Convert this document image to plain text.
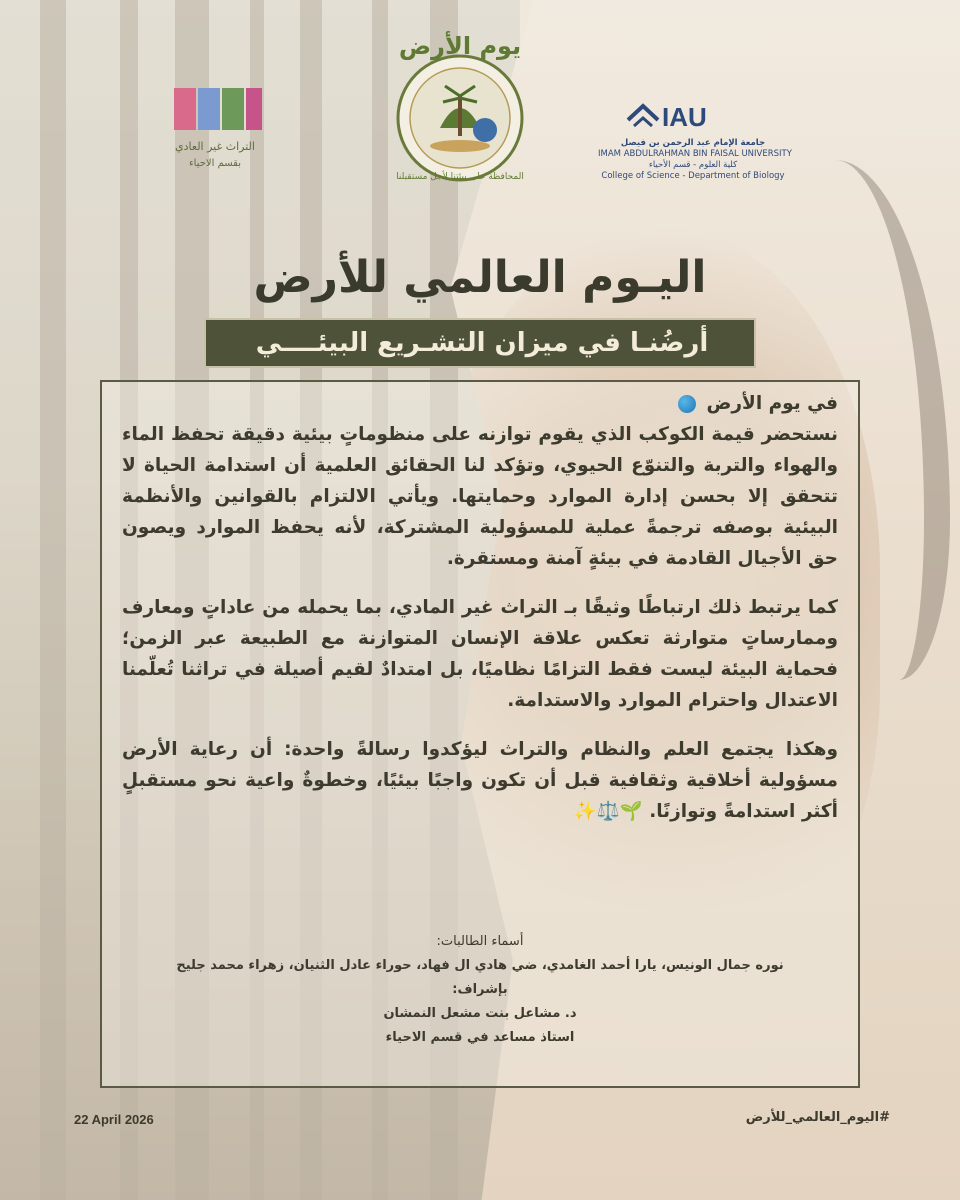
التراث غير العادي
بقسم الاحياء
يوم الأرض
المحافظة على بيئتنا لأجل مستقبلنا
IAU
جامعة الإمام عبد الرحمن بن فيصل
IMAM ABDULRAHMAN BIN FAISAL UNIVERSITY
كلية العلوم - قسم الأحياء
College of Science - Department of Biology
اليـوم العالمي للأرض
أرضُنـا في ميزان التشـريع البيئــــي
في يوم الأرض

نستحضر قيمة الكوكب الذي يقوم توازنه على منظوماتٍ بيئية دقيقة تحفظ الماء والهواء والتربة والتنوّع الحيوي، وتؤكد لنا الحقائق العلمية أن استدامة الحياة لا تتحقق إلا بحسن إدارة الموارد وحمايتها. ويأتي الالتزام بالقوانين والأنظمة البيئية بوصفه ترجمةً عملية للمسؤولية المشتركة، لأنه يحفظ الموارد ويصون حق الأجيال القادمة في بيئةٍ آمنة ومستقرة.

كما يرتبط ذلك ارتباطًا وثيقًا بـ التراث غير المادي، بما يحمله من عاداتٍ ومعارف وممارساتٍ متوارثة تعكس علاقة الإنسان المتوازنة مع الطبيعة عبر الزمن؛ فحماية البيئة ليست فقط التزامًا نظاميًا، بل امتدادٌ لقيم أصيلة في تراثنا تُعلّمنا الاعتدال واحترام الموارد والاستدامة.

وهكذا يجتمع العلم والنظام والتراث ليؤكدوا رسالةً واحدة: أن رعاية الأرض مسؤولية أخلاقية وثقافية قبل أن تكون واجبًا بيئيًا، وخطوةٌ واعية نحو مستقبلٍ أكثر استدامةً وتوازنًا. 🌱⚖️✨

أسماء الطالبات:
نوره جمال الونيس، يارا أحمد الغامدي، ضي هادي ال فهاد، حوراء عادل الثنيان، زهراء محمد جليح
بإشراف:
د. مشاعل بنت مشعل النمشان
استاذ مساعد في قسم الاحياء
22 April 2026	#اليوم_العالمي_للأرض
